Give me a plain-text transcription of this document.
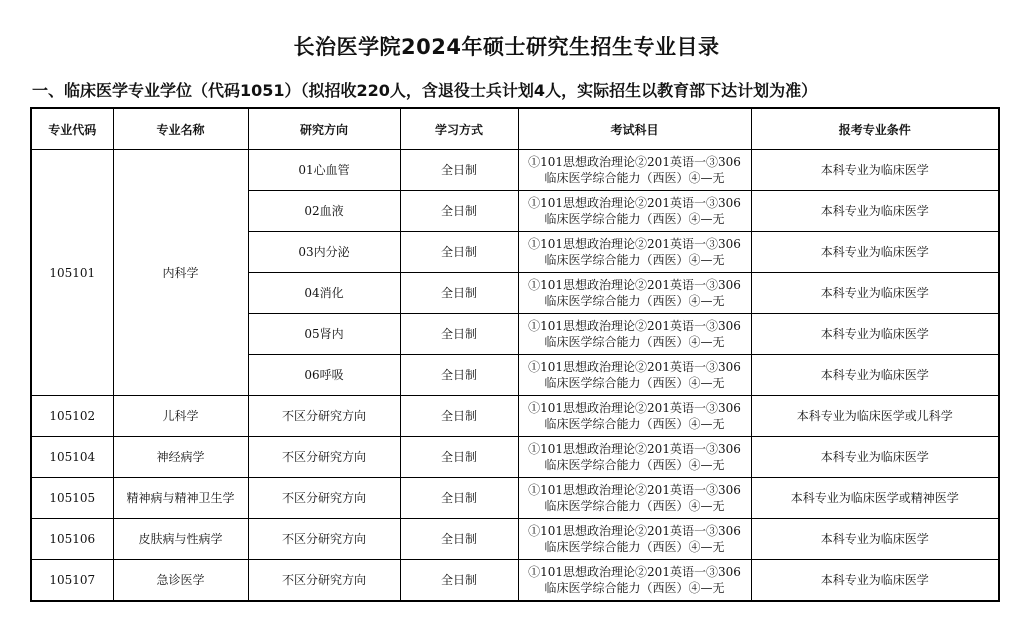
长治医学院2024年硕士研究生招生专业目录
一、临床医学专业学位（代码1051）（拟招收220人，含退役士兵计划4人，实际招生以教育部下达计划为准）
专业代码	专业名称	研究方向	学习方式	考试科目	报考专业条件
105101	内科学	01心血管	全日制	①101思想政治理论②201英语一③306
临床医学综合能力（西医）④—无	本科专业为临床医学
		02血液	全日制	①101思想政治理论②201英语一③306
临床医学综合能力（西医）④—无	本科专业为临床医学
		03内分泌	全日制	①101思想政治理论②201英语一③306
临床医学综合能力（西医）④—无	本科专业为临床医学
		04消化	全日制	①101思想政治理论②201英语一③306
临床医学综合能力（西医）④—无	本科专业为临床医学
		05肾内	全日制	①101思想政治理论②201英语一③306
临床医学综合能力（西医）④—无	本科专业为临床医学
		06呼吸	全日制	①101思想政治理论②201英语一③306
临床医学综合能力（西医）④—无	本科专业为临床医学
105102	儿科学	不区分研究方向	全日制	①101思想政治理论②201英语一③306
临床医学综合能力（西医）④—无	本科专业为临床医学或儿科学
105104	神经病学	不区分研究方向	全日制	①101思想政治理论②201英语一③306
临床医学综合能力（西医）④—无	本科专业为临床医学
105105	精神病与精神卫生学	不区分研究方向	全日制	①101思想政治理论②201英语一③306
临床医学综合能力（西医）④—无	本科专业为临床医学或精神医学
105106	皮肤病与性病学	不区分研究方向	全日制	①101思想政治理论②201英语一③306
临床医学综合能力（西医）④—无	本科专业为临床医学
105107	急诊医学	不区分研究方向	全日制	①101思想政治理论②201英语一③306
临床医学综合能力（西医）④—无	本科专业为临床医学
